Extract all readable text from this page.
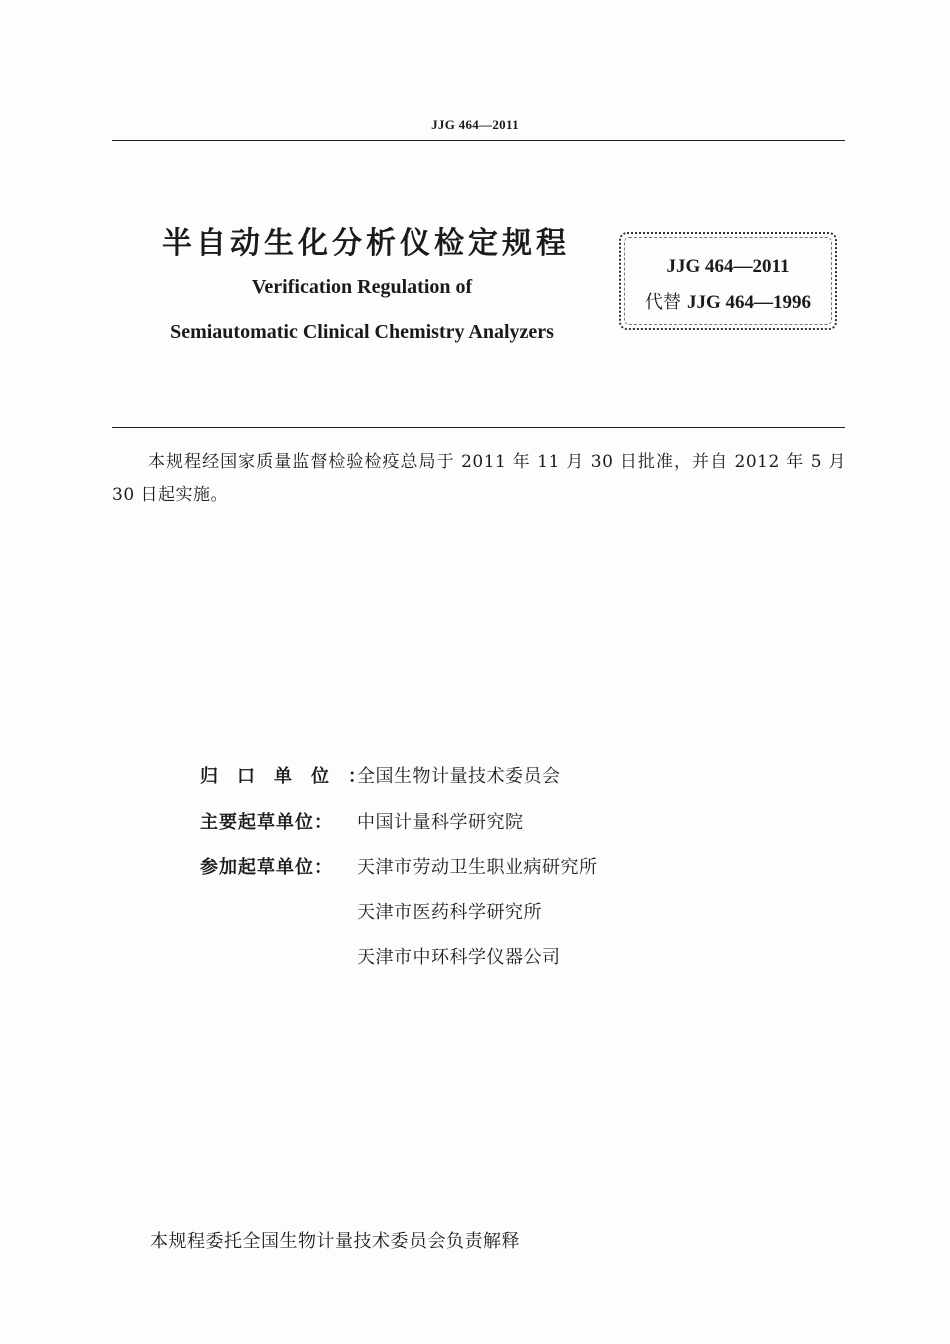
JJG 464—2011
半自动生化分析仪检定规程
Verification Regulation of
Semiautomatic Clinical Chemistry Analyzers
JJG 464—2011
代替 JJG 464—1996
本规程经国家质量监督检验检疫总局于 2011 年 11 月 30 日批准，并自 2012 年 5 月 30 日起实施。
归口单位：
全国生物计量技术委员会
主要起草单位：	中国计量科学研究院
参加起草单位：	天津市劳动卫生职业病研究所
天津市医药科学研究所
天津市中环科学仪器公司
本规程委托全国生物计量技术委员会负责解释
